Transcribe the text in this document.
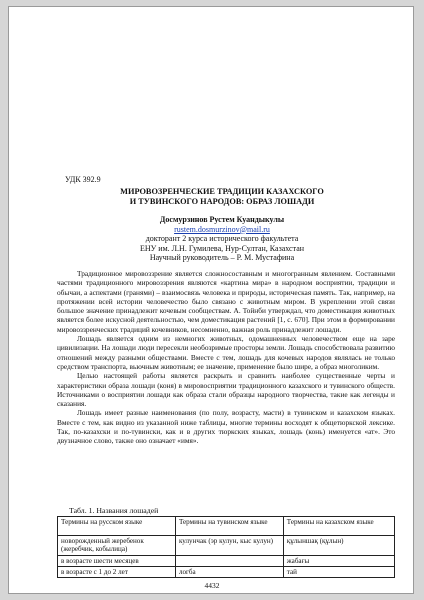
УДК 392.9
МИРОВОЗРЕНЧЕСКИЕ ТРАДИЦИИ КАЗАХСКОГО
И ТУВИНСКОГО НАРОДОВ: ОБРАЗ ЛОШАДИ
Досмурзинов Рустем Куандыкулы
rustem.dosmurzinov@mail.ru
докторант 2 курса исторического факультета
ЕНУ им. Л.Н. Гумилева, Нур-Султан, Казахстан
Научный руководитель – Р. М. Мустафина

Традиционное мировоззрение является сложносоставным и многогранным явлением. Составными частями традиционного мировоззрения являются «картина мира» в народном восприятии, традиции и обычаи, а аспектами (гранями) – взаимосвязь человека и природы, историческая память. Так, например, на протяжении всей истории человечество было связано с животным миром. В укреплении этой связи большое значение принадлежит кочевым сообществам. А. Тойнби утверждал, что доместикация животных является более искусной деятельностью, чем доместикация растений [1, с. 670]. При этом в формировании мировоззренческих традиций кочевников, несомненно, важная роль принадлежит лошади.

Лошадь является одним из немногих животных, одомашненных человечеством еще на заре цивилизации. На лошади люди пересекли необозримые просторы земли. Лошадь способствовала развитию отношений между разными обществами. Вместе с тем, лошадь для кочевых народов являлась не только средством транспорта, вьючным животным; ее значение, применение было шире, а образ многоликим.

Целью настоящей работы является раскрыть и сравнить наиболее существенные черты и характеристики образа лошади (коня) в мировосприятии традиционного казахского и тувинского обществ. Источниками о восприятии лошади как образа стали образцы народного творчества, такие как легенды и сказания.

Лошадь имеет разные наименования (по полу, возрасту, масти) в тувинском и казахском языках. Вместе с тем, как видно из указанной ниже таблицы, многие термины восходят к общетюркской лексике. Так, по-казахски и по-тувински, как и в других тюркских языках, лошадь (конь) именуется «ат». Это двузначное слово, также оно означает «имя».

Табл. 1. Названия лошадей
Термины на русском языке	Термины на тувинском языке	Термины на казахском языке
новорожденный жеребенок (жеребчик, кобылица)	кулунчак (эр кулун, кыс кулун)	құлыншақ (құлын)
в возрасте шести месяцев		жабағы
в возрасте с 1 до 2 лет	логба	тай
4432
